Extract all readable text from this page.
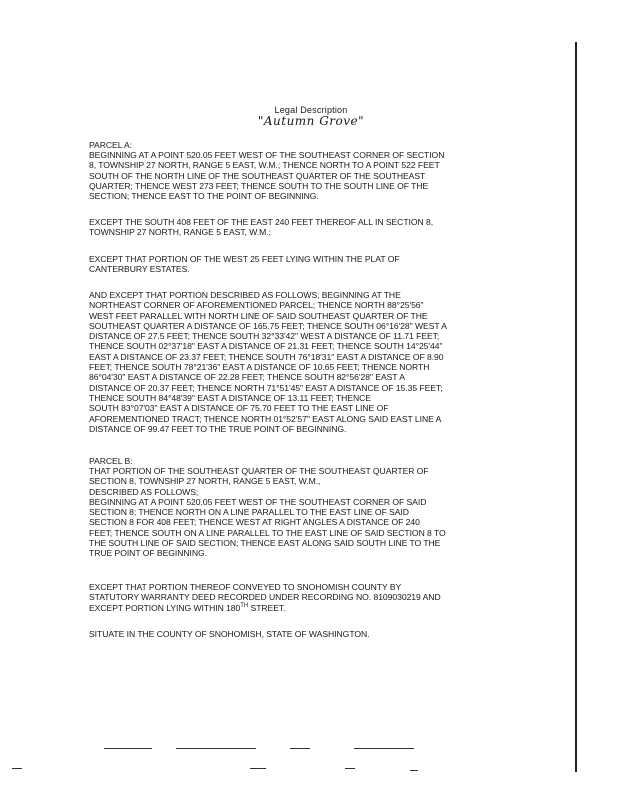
Legal Description
"Autumn Grove"
PARCEL A:
BEGINNING AT A POINT 520.05 FEET WEST OF THE SOUTHEAST CORNER OF SECTION
8, TOWNSHIP 27 NORTH, RANGE 5 EAST, W.M.; THENCE NORTH TO A POINT 522 FEET
SOUTH OF THE NORTH LINE OF THE SOUTHEAST QUARTER OF THE SOUTHEAST
QUARTER; THENCE WEST 273 FEET; THENCE SOUTH TO THE SOUTH LINE OF THE
SECTION; THENCE EAST TO THE POINT OF BEGINNING.
EXCEPT THE SOUTH 408 FEET OF THE EAST 240 FEET THEREOF ALL IN SECTION 8,
TOWNSHIP 27 NORTH, RANGE 5 EAST, W.M.;
EXCEPT THAT PORTION OF THE WEST 25 FEET LYING WITHIN THE PLAT OF
CANTERBURY ESTATES.
AND EXCEPT THAT PORTION DESCRIBED AS FOLLOWS; BEGINNING AT THE
NORTHEAST CORNER OF AFOREMENTIONED PARCEL; THENCE NORTH 88°25'56"
WEST FEET PARALLEL WITH NORTH LINE OF SAID SOUTHEAST QUARTER OF THE
SOUTHEAST QUARTER A DISTANCE OF 165.75 FEET; THENCE SOUTH 06°16'28" WEST A
DISTANCE OF 27.5 FEET; THENCE SOUTH 32°33'42" WEST A DISTANCE OF 11.71 FEET;
THENCE SOUTH 02°37'18" EAST A DISTANCE OF 21.31 FEET; THENCE SOUTH 14°25'44"
EAST A DISTANCE OF 23.37 FEET; THENCE SOUTH 76°18'31" EAST A DISTANCE OF 8.90
FEET; THENCE SOUTH 78°21'36" EAST A DISTANCE OF 10.65 FEET; THENCE NORTH
86°04'30" EAST A DISTANCE OF 22.28 FEET; THENCE SOUTH 82°56'28" EAST A
DISTANCE OF 20.37 FEET; THENCE NORTH 71°51'45" EAST A DISTANCE OF 15.35 FEET;
THENCE SOUTH 84°48'39" EAST A DISTANCE OF 13.11 FEET; THENCE
SOUTH 83°07'03" EAST A DISTANCE OF 75.70 FEET TO THE EAST LINE OF
AFOREMENTIONED TRACT; THENCE NORTH 01°52'57" EAST ALONG SAID EAST LINE A
DISTANCE OF 99.47 FEET TO THE TRUE POINT OF BEGINNING.
PARCEL B:
THAT PORTION OF THE SOUTHEAST QUARTER OF THE SOUTHEAST QUARTER OF
SECTION 8, TOWNSHIP 27 NORTH, RANGE 5 EAST, W.M.,
DESCRIBED AS FOLLOWS;
BEGINNING AT A POINT 520.05 FEET WEST OF THE SOUTHEAST CORNER OF SAID
SECTION 8; THENCE NORTH ON A LINE PARALLEL TO THE EAST LINE OF SAID
SECTION 8 FOR 408 FEET; THENCE WEST AT RIGHT ANGLES A DISTANCE OF 240
FEET; THENCE SOUTH ON A LINE PARALLEL TO THE EAST LINE OF SAID SECTION 8 TO
THE SOUTH LINE OF SAID SECTION; THENCE EAST ALONG SAID SOUTH LINE TO THE
TRUE POINT OF BEGINNING.
EXCEPT THAT PORTION THEREOF CONVEYED TO SNOHOMISH COUNTY BY
STATUTORY WARRANTY DEED RECORDED UNDER RECORDING NO. 8109030219 AND
EXCEPT PORTION LYING WITHIN 180TH STREET.
SITUATE IN THE COUNTY OF SNOHOMISH, STATE OF WASHINGTON.
